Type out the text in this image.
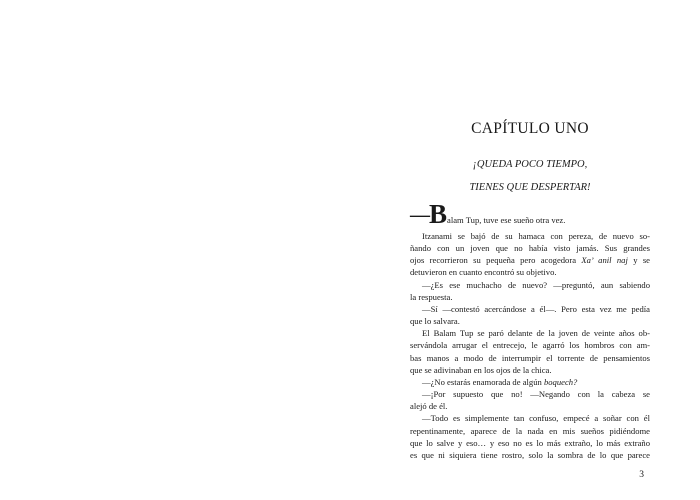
CAPÍTULO UNO
¡QUEDA POCO TIEMPO,
TIENES QUE DESPERTAR!
—Balam Tup, tuve ese sueño otra vez.

Itzanami se bajó de su hamaca con pereza, de nuevo so-
ñando con un joven que no había visto jamás. Sus grandes
ojos recorrieron su pequeña pero acogedora Xa’ anil naj y se
detuvieron en cuanto encontró su objetivo.

—¿Es ese muchacho de nuevo? —preguntó, aun sabiendo
la respuesta.

—Sí —contestó acercándose a él—. Pero esta vez me pedía
que lo salvara.

El Balam Tup se paró delante de la joven de veinte años ob-
servándola arrugar el entrecejo, le agarró los hombros con am-
bas manos a modo de interrumpir el torrente de pensamientos
que se adivinaban en los ojos de la chica.

—¿No estarás enamorada de algún boquech?

—¡Por supuesto que no! —Negando con la cabeza se
alejó de él.

—Todo es simplemente tan confuso, empecé a soñar con él
repentinamente, aparece de la nada en mis sueños pidiéndome
que lo salve y eso… y eso no es lo más extraño, lo más extraño
es que ni siquiera tiene rostro, solo la sombra de lo que parece

3
